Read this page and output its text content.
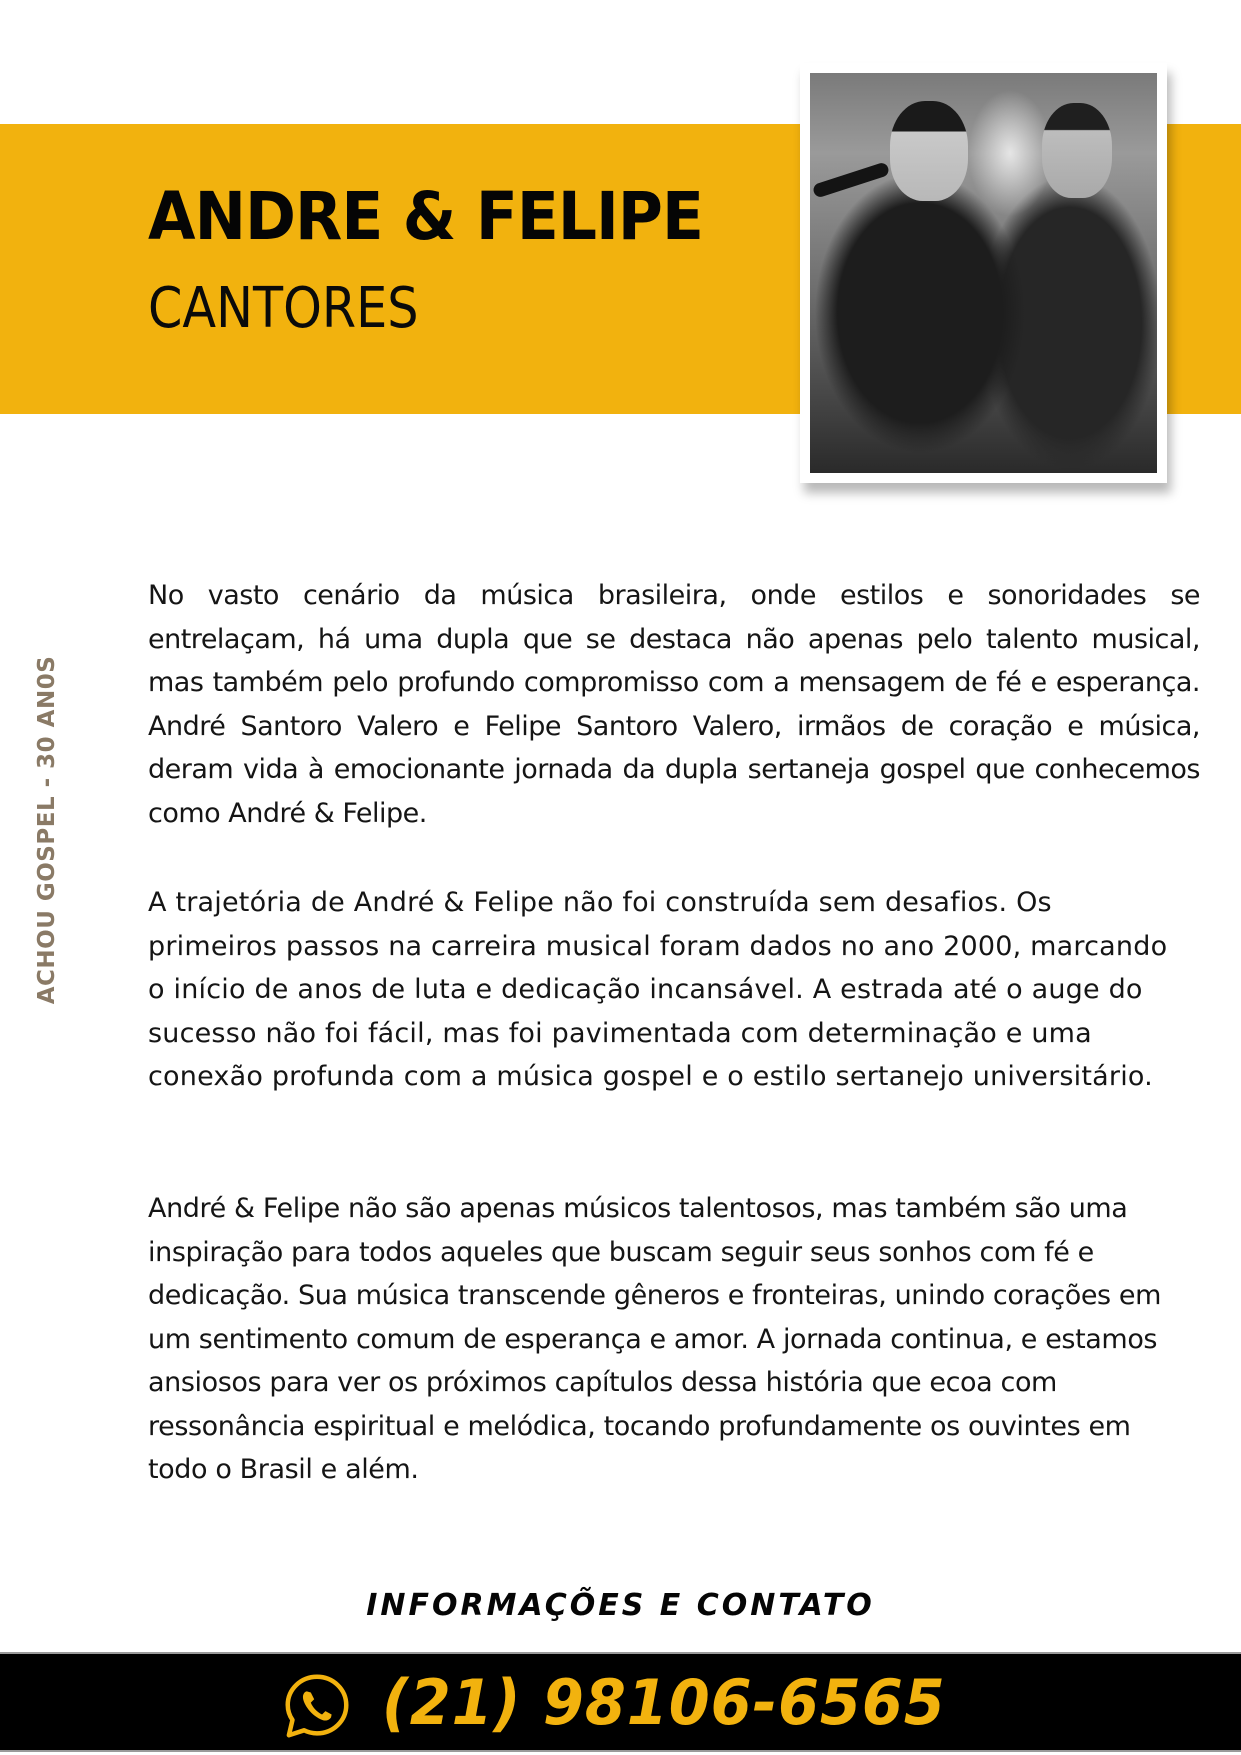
ANDRE & FELIPE
CANTORES
ACHOU GOSPEL - 30 AN0S

No vasto cenário da música brasileira, onde estilos e sonoridades se entrelaçam, há uma dupla que se destaca não apenas pelo talento musical, mas também pelo profundo compromisso com a mensagem de fé e esperança. André Santoro Valero e Felipe Santoro Valero, irmãos de coração e música, deram vida à emocionante jornada da dupla sertaneja gospel que conhecemos como André & Felipe.

A trajetória de André & Felipe não foi construída sem desafios. Os primeiros passos na carreira musical foram dados no ano 2000, marcando o início de anos de luta e dedicação incansável. A estrada até o auge do sucesso não foi fácil, mas foi pavimentada com determinação e uma conexão profunda com a música gospel e o estilo sertanejo universitário.

André & Felipe não são apenas músicos talentosos, mas também são uma inspiração para todos aqueles que buscam seguir seus sonhos com fé e dedicação. Sua música transcende gêneros e fronteiras, unindo corações em um sentimento comum de esperança e amor. A jornada continua, e estamos ansiosos para ver os próximos capítulos dessa história que ecoa com ressonância espiritual e melódica, tocando profundamente os ouvintes em todo o Brasil e além.

INFORMAÇÕES E CONTATO
(21) 98106-6565
